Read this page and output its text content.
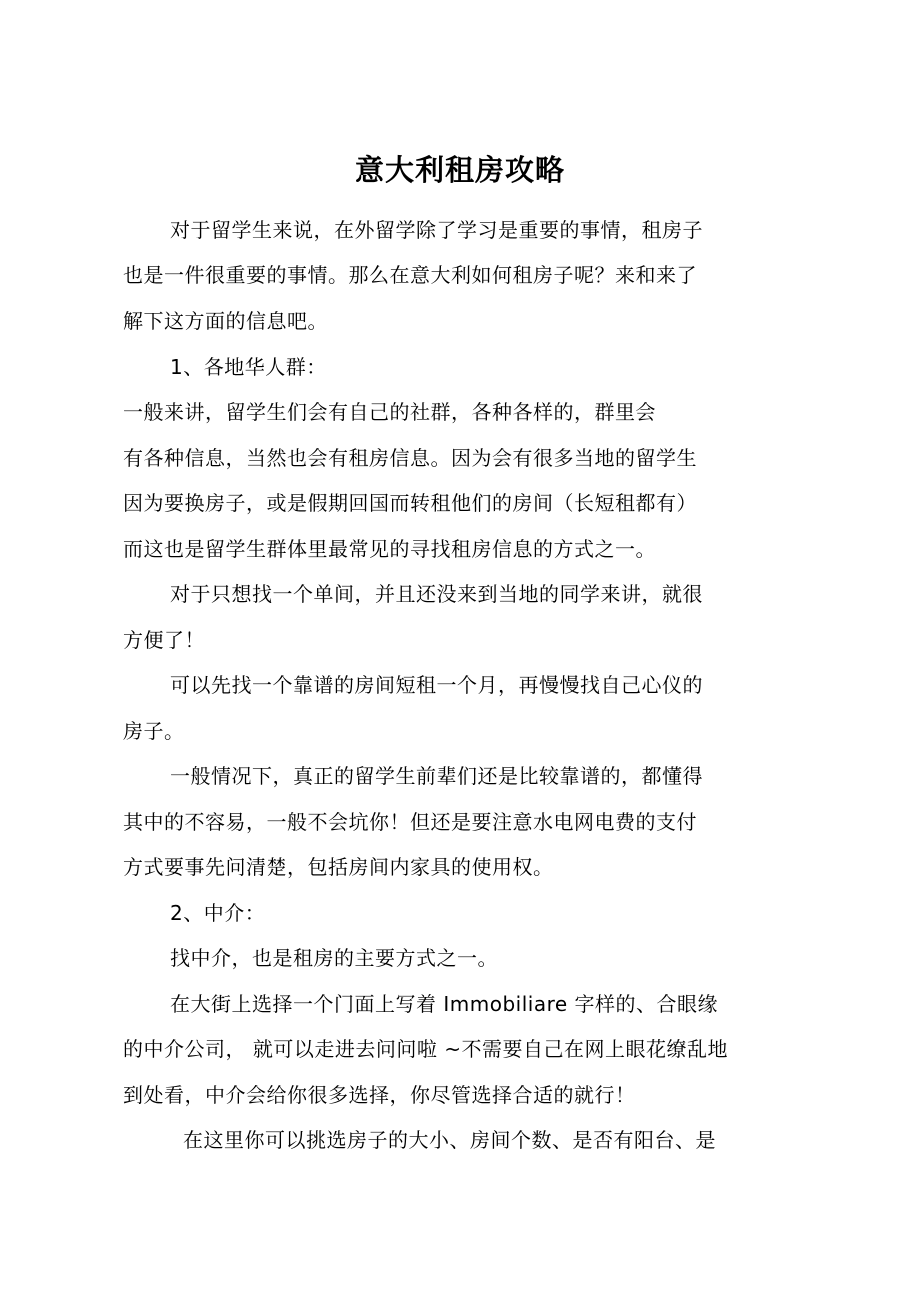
意大利租房攻略
对于留学生来说，在外留学除了学习是重要的事情，租房子
也是一件很重要的事情。那么在意大利如何租房子呢？来和来了
解下这方面的信息吧。
1、各地华人群：
一般来讲，留学生们会有自己的社群，各种各样的，群里会
有各种信息，当然也会有租房信息。因为会有很多当地的留学生
因为要换房子，或是假期回国而转租他们的房间（长短租都有）
而这也是留学生群体里最常见的寻找租房信息的方式之一。
对于只想找一个单间，并且还没来到当地的同学来讲，就很
方便了！
可以先找一个靠谱的房间短租一个月，再慢慢找自己心仪的
房子。
一般情况下，真正的留学生前辈们还是比较靠谱的，都懂得
其中的不容易，一般不会坑你！但还是要注意水电网电费的支付
方式要事先问清楚，包括房间内家具的使用权。
2、中介：
找中介，也是租房的主要方式之一。
在大街上选择一个门面上写着 Immobiliare 字样的、合眼缘
的中介公司， 就可以走进去问问啦 ~不需要自己在网上眼花缭乱地
到处看，中介会给你很多选择，你尽管选择合适的就行！
在这里你可以挑选房子的大小、房间个数、是否有阳台、是
